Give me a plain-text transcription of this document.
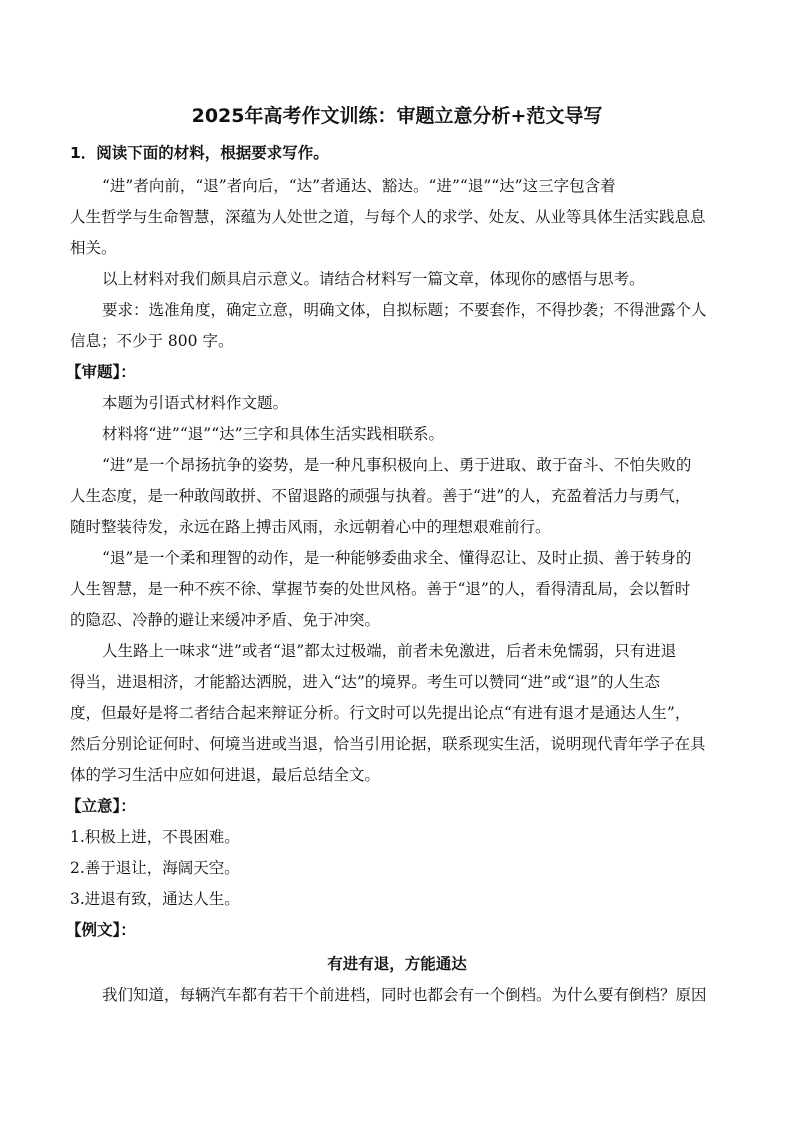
2025年高考作文训练：审题立意分析+范文导写
1．阅读下面的材料，根据要求写作。
“进”者向前，“退”者向后，“达”者通达、豁达。“进”“退”“达”这三字包含着
人生哲学与生命智慧，深蕴为人处世之道，与每个人的求学、处友、从业等具体生活实践息息
相关。
以上材料对我们颇具启示意义。请结合材料写一篇文章，体现你的感悟与思考。
要求：选准角度，确定立意，明确文体，自拟标题；不要套作，不得抄袭；不得泄露个人
信息；不少于 800 字。
【审题】：
本题为引语式材料作文题。
材料将“进”“退”“达”三字和具体生活实践相联系。
“进”是一个昂扬抗争的姿势，是一种凡事积极向上、勇于进取、敢于奋斗、不怕失败的
人生态度，是一种敢闯敢拼、不留退路的顽强与执着。善于“进”的人，充盈着活力与勇气，
随时整装待发，永远在路上搏击风雨，永远朝着心中的理想艰难前行。
“退”是一个柔和理智的动作，是一种能够委曲求全、懂得忍让、及时止损、善于转身的
人生智慧，是一种不疾不徐、掌握节奏的处世风格。善于“退”的人，看得清乱局，会以暂时
的隐忍、冷静的避让来缓冲矛盾、免于冲突。
人生路上一味求“进”或者“退”都太过极端，前者未免激进，后者未免懦弱，只有进退
得当，进退相济，才能豁达洒脱，进入“达”的境界。考生可以赞同“进”或“退”的人生态
度，但最好是将二者结合起来辩证分析。行文时可以先提出论点“有进有退才是通达人生”，
然后分别论证何时、何境当进或当退，恰当引用论据，联系现实生活，说明现代青年学子在具
体的学习生活中应如何进退，最后总结全文。
【立意】：
1.积极上进，不畏困难。
2.善于退让，海阔天空。
3.进退有致，通达人生。
【例文】：
有进有退，方能通达
我们知道，每辆汽车都有若干个前进档，同时也都会有一个倒档。为什么要有倒档？原因
